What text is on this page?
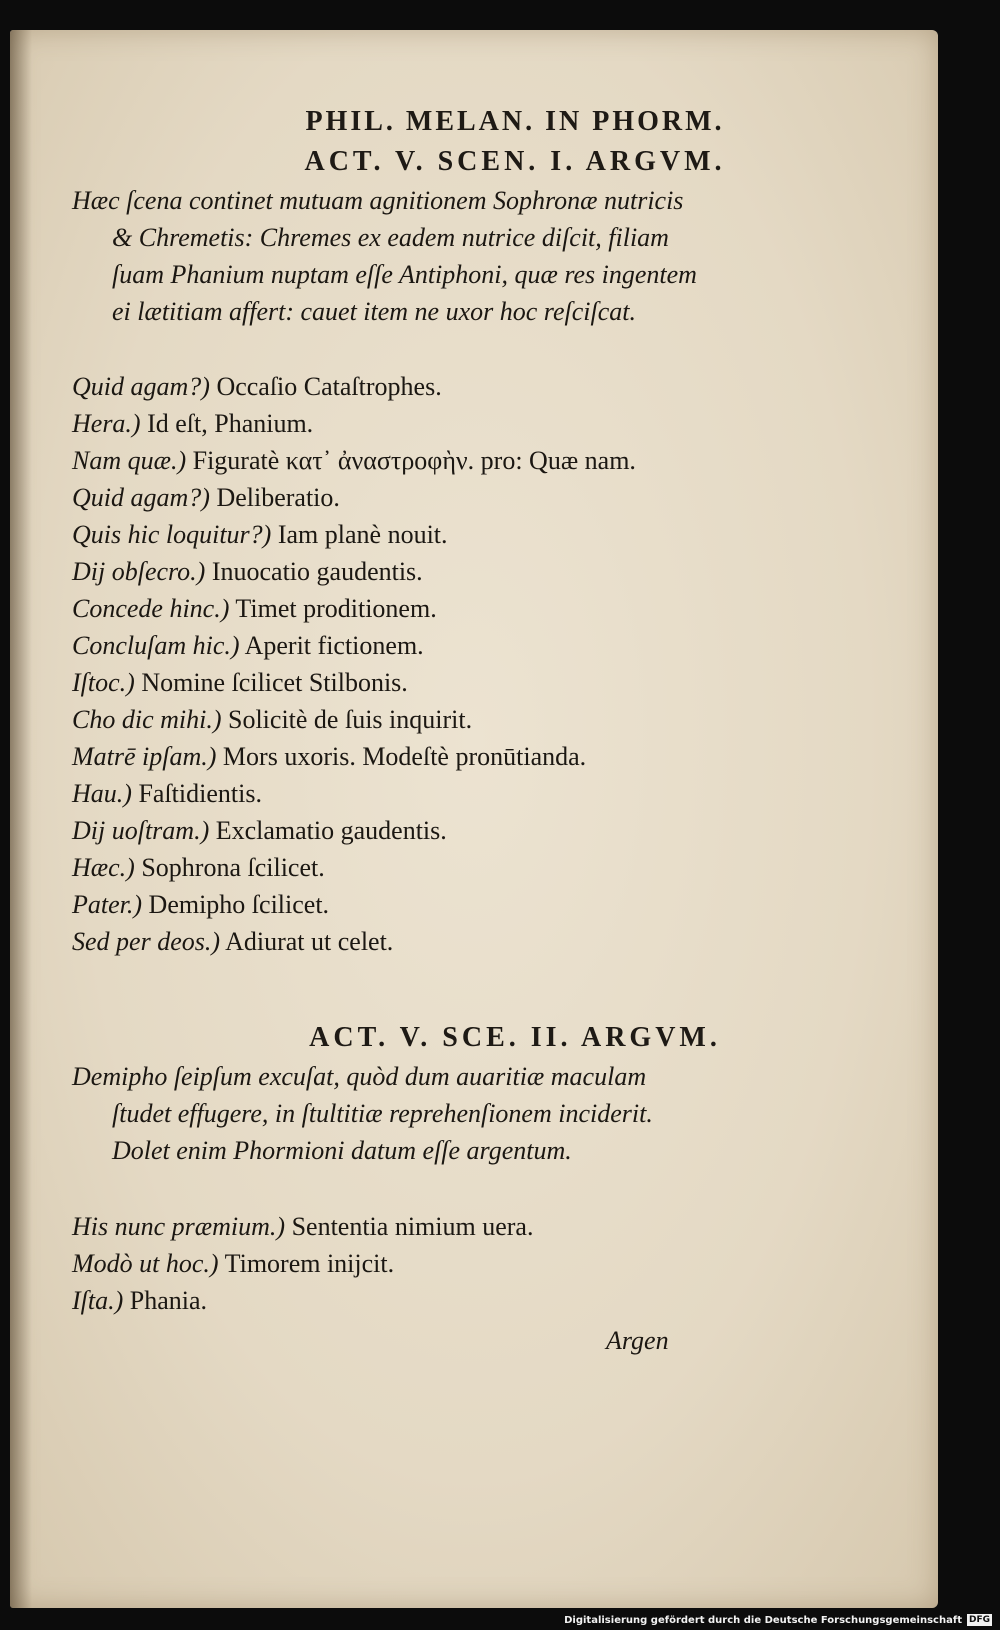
PHIL. MELAN. IN PHORM.
ACT. V. SCEN. I. ARGVM.

Hæc ſcena continet mutuam agnitionem Sophronæ nutricis & Chremetis: Chremes ex eadem nutrice diſcit, filiam ſuam Phanium nuptam eſſe Antiphoni, quæ res ingentem ei lætitiam affert: cauet item ne uxor hoc reſciſcat.

Quid agam?) Occaſio Cataſtrophes.
Hera.) Id eſt, Phanium.
Nam quæ.) Figuratè κατ᾽ ἀναστροφὴν. pro: Quæ nam.
Quid agam?) Deliberatio.
Quis hic loquitur?) Iam planè nouit.
Dij obſecro.) Inuocatio gaudentis.
Concede hinc.) Timet proditionem.
Concluſam hic.) Aperit fictionem.
Iſtoc.) Nomine ſcilicet Stilbonis.
Cho dic mihi.) Solicitè de ſuis inquirit.
Matrē ipſam.) Mors uxoris. Modeſtè pronūtianda.
Hau.) Faſtidientis.
Dij uoſtram.) Exclamatio gaudentis.
Hæc.) Sophrona ſcilicet.
Pater.) Demipho ſcilicet.
Sed per deos.) Adiurat ut celet.
ACT. V. SCE. II. ARGVM.

Demipho ſeipſum excuſat, quòd dum auaritiæ maculam ſtudet effugere, in ſtultitiæ reprehenſionem inciderit. Dolet enim Phormioni datum eſſe argentum.

His nunc præmium.) Sententia nimium uera.
Modò ut hoc.) Timorem inijcit.
Iſta.) Phania.
Argen
Digitalisierung gefördert durch die Deutsche Forschungsgemeinschaft DFG
